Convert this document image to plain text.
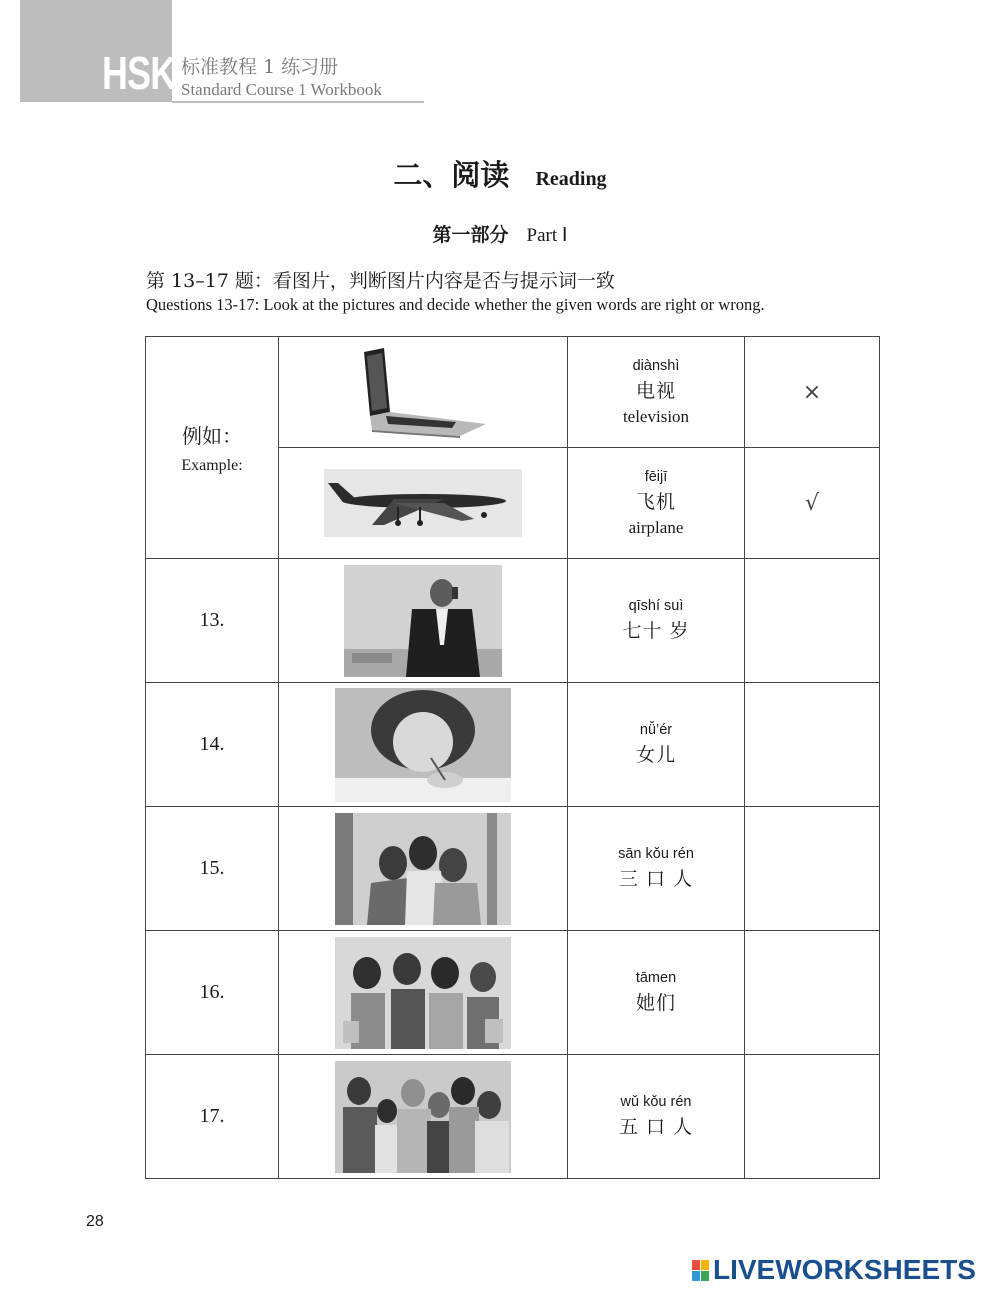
HSK 标准教程 1 练习册
Standard Course 1 Workbook
二、阅读 Reading
第一部分 Part Ⅰ
第 13–17 题：看图片，判断图片内容是否与提示词一致
Questions 13-17: Look at the pictures and decide whether the given words are right or wrong.
例如：
Example:		diànshì
电视
television	×

fēijī
飞机
airplane	√
13.		qīshí suì
七十 岁	

14.		nǚ’ér
女儿	

15.		sān kǒu rén
三 口 人	

16.		tāmen
她们	

17.		wǔ kǒu rén
五 口 人	

28
LIVEWORKSHEETS
